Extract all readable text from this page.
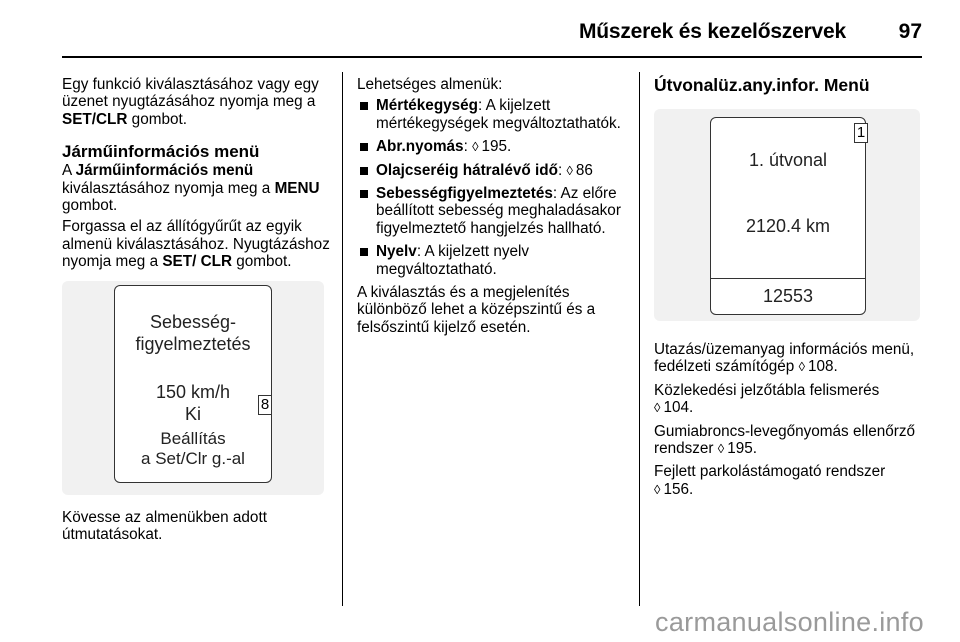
Műszerek és kezelőszervek	97

Egy funkció kiválasztásához vagy egy üzenet nyugtázásához nyomja meg a SET/CLR gombot.

Járműinformációs menü

A Járműinformációs menü kiválasztásához nyomja meg a MENU gombot.

Forgassa el az állítógyűrűt az egyik almenü kiválasztásához. Nyugtázáshoz nyomja meg a SET/ CLR gombot.

Sebesség-
figyelmeztetés
150 km/h
Ki
Beállítás
a Set/Clr g.-al
8

Kövesse az almenükben adott útmutatásokat.

Lehetséges almenük:

Mértékegység: A kijelzett mértékegységek megváltoztathatók.
Abr.nyomás: ◊ 195.
Olajcseréig hátralévő idő: ◊ 86
Sebességfigyelmeztetés: Az előre beállított sebesség meghaladásakor figyelmeztető hangjelzés hallható.
Nyelv: A kijelzett nyelv megváltoztatható.

A kiválasztás és a megjelenítés különböző lehet a középszintű és a felsőszintű kijelző esetén.

Útvonalüz.any.infor. Menü
1. útvonal
2120.4 km
12553
1

Utazás/üzemanyag információs menü, fedélzeti számítógép ◊ 108.

Közlekedési jelzőtábla felismerés
◊ 104.

Gumiabroncs-levegőnyomás ellenőrző rendszer ◊ 195.

Fejlett parkolástámogató rendszer
◊ 156.

carmanualsonline.info
